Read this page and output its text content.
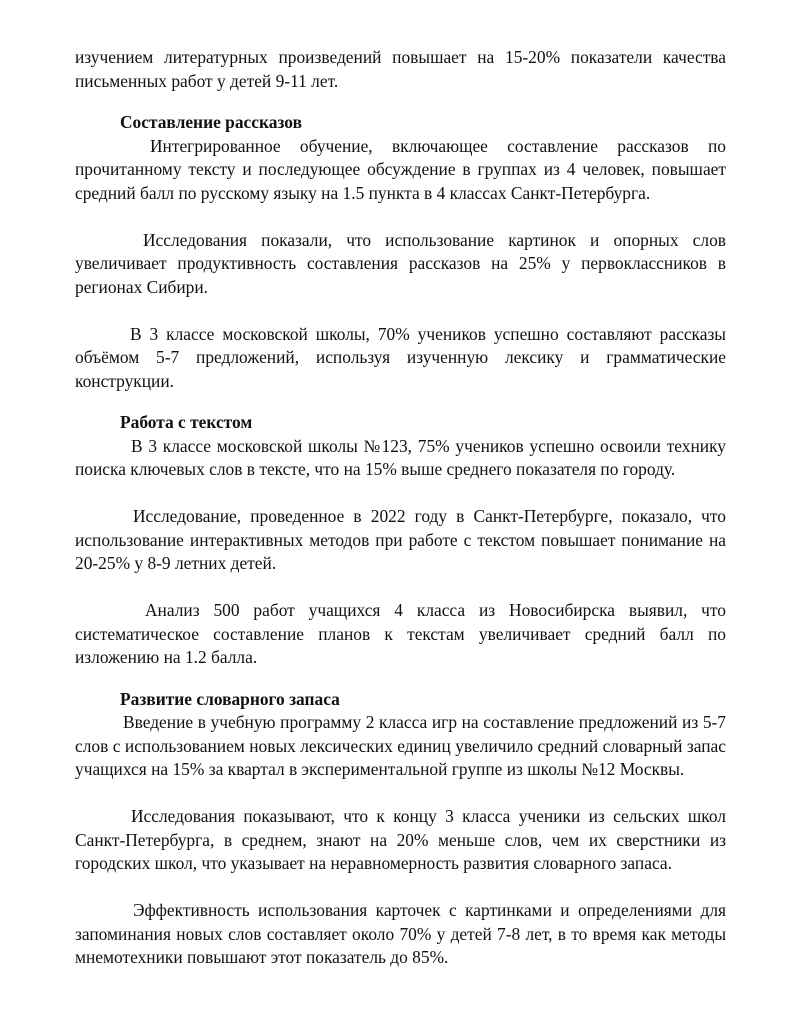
изучением литературных произведений повышает на 15-20% показатели качества письменных работ у детей 9-11 лет.

Составление рассказов

Интегрированное обучение, включающее составление рассказов по прочитанному тексту и последующее обсуждение в группах из 4 человек, повышает средний балл по русскому языку на 1.5 пункта в 4 классах Санкт-Петербурга.

Исследования показали, что использование картинок и опорных слов увеличивает продуктивность составления рассказов на 25% у первоклассников в регионах Сибири.

В 3 классе московской школы, 70% учеников успешно составляют рассказы объёмом 5-7 предложений, используя изученную лексику и грамматические конструкции.

Работа с текстом

В 3 классе московской школы №123, 75% учеников успешно освоили технику поиска ключевых слов в тексте, что на 15% выше среднего показателя по городу.

Исследование, проведенное в 2022 году в Санкт-Петербурге, показало, что использование интерактивных методов при работе с текстом повышает понимание на 20-25% у 8-9 летних детей.

Анализ 500 работ учащихся 4 класса из Новосибирска выявил, что систематическое составление планов к текстам увеличивает средний балл по изложению на 1.2 балла.

Развитие словарного запаса

Введение в учебную программу 2 класса игр на составление предложений из 5-7 слов с использованием новых лексических единиц увеличило средний словарный запас учащихся на 15% за квартал в экспериментальной группе из школы №12 Москвы.

Исследования показывают, что к концу 3 класса ученики из сельских школ Санкт-Петербурга, в среднем, знают на 20% меньше слов, чем их сверстники из городских школ, что указывает на неравномерность развития словарного запаса.

Эффективность использования карточек с картинками и определениями для запоминания новых слов составляет около 70% у детей 7-8 лет, в то время как методы мнемотехники повышают этот показатель до 85%.
